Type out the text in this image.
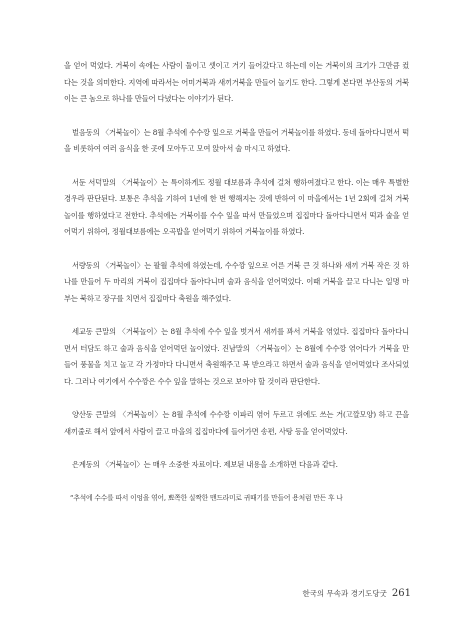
을 얻어 먹었다. 거북이 속에는 사람이 둘이고 셋이고 거기 들어갔다고 하는데 이는 거북이의 크기가 그만큼 컸다는 것을 의미한다. 지역에 따라서는 어미거북과 새끼거북을 만들어 놀기도 한다. 그렇게 본다면 부산동의 거북이는 큰 놈으로 하나를 만들어 다녔다는 이야기가 된다.

벌음동의 〈거북놀이〉는 8월 추석에 수수깡 잎으로 거북을 만들어 거북놀이를 하였다. 동네 돌아다니면서 떡을 비롯하여 여러 음식을 한 곳에 모아두고 모여 앉아서 술 마시고 하였다.

서둔 서덕말의 〈거북놀이〉는 특이하게도 정월 대보름과 추석에 걸쳐 행하여졌다고 한다. 이는 매우 특별한 경우라 판단된다. 보통은 추석을 기하여 1년에 한 번 행해지는 것에 반하여 이 마을에서는 1년 2회에 걸쳐 거북놀이를 행하였다고 전한다. 추석에는 거북이를 수수 잎을 따서 만들었으며 집집마다 돌아다니면서 떡과 술을 얻어먹기 위하여, 정월대보름에는 오곡밥을 얻어먹기 위하여 거북놀이를 하였다.

서량동의 〈거북놀이〉는 팔월 추석에 하였는데, 수수깡 잎으로 어른 거북 큰 것 하나와 새끼 거북 작은 것 하나를 만들어 두 마리의 거북이 집집마다 돌아다니며 술과 음식을 얻어먹었다. 이때 거북을 끌고 다니는 일명 마부는 북하고 장구를 치면서 집집마다 축원을 해주었다.

세교동 큰말의 〈거북놀이〉는 8월 추석에 수수 잎을 벗겨서 새끼를 꽈서 거북을 엮었다. 집집마다 돌아다니면서 터담도 하고 술과 음식을 얻어먹던 놀이였다. 진남말의 〈거북놀이〉는 8월에 수수깡 엮어다가 거북을 만들어 풍물을 치고 놀고 각 가정마다 다니면서 축원해주고 복 받으라고 하면서 술과 음식을 얻어먹었다 조사되었다. 그러나 여기에서 수수깡은 수수 잎을 말하는 것으로 보아야 할 것이라 판단한다.

양산동 큰말의 〈거북놀이〉는 8월 추석에 수수깡 이파리 엮어 두르고 위에도 쓰는 거(고깔모양) 하고 끈을 새끼줄로 해서 앞에서 사람이 끌고 마을의 집집마다에 들어가면 송편, 사탕 등을 얻어먹었다.

은계동의 〈거북놀이〉는 매우 소중한 자료이다. 제보된 내용을 소개하면 다음과 같다.

“추석에 수수를 따서 이엉을 엮어, 뾰쪽한 실짝한 맨드라미로 귀때기를 만들어 용처럼 만든 후 나

한국의 무속과 경기도당굿 261
